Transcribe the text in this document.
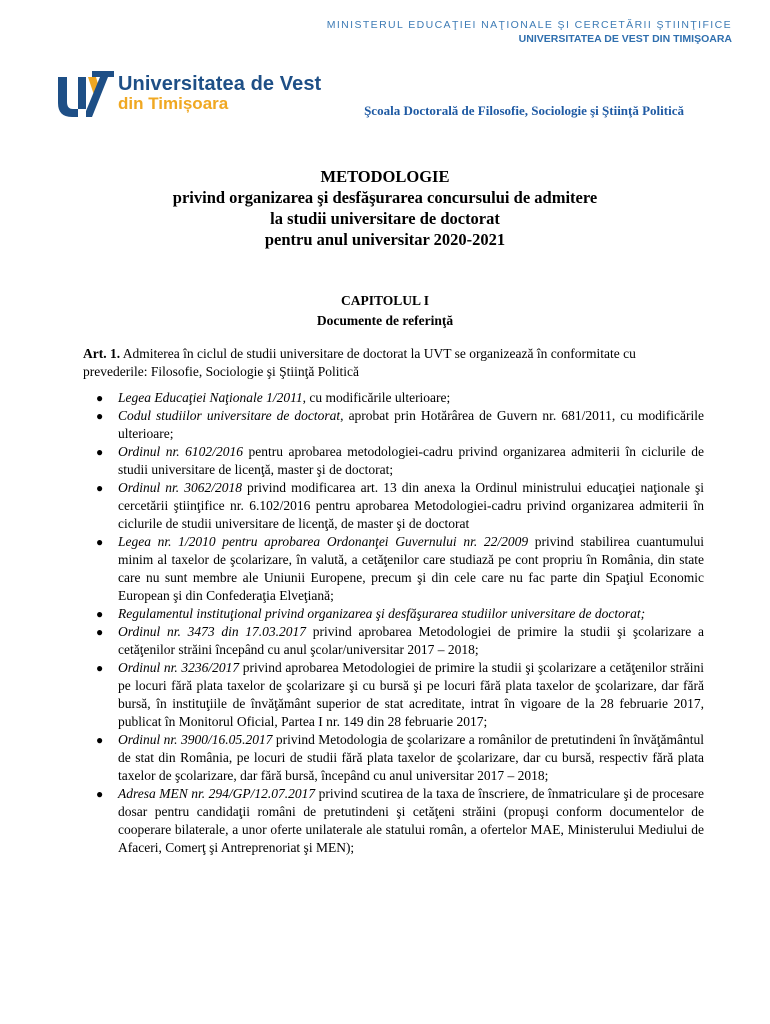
MINISTERUL EDUCAŢIEI NAŢIONALE ŞI CERCETĂRII ŞTIINŢIFICE
UNIVERSITATEA DE VEST DIN TIMIŞOARA
Universitatea de Vest
din Timișoara	Şcoala Doctorală de Filosofie, Sociologie şi Ştiinţă Politică
METODOLOGIE
privind organizarea şi desfăşurarea concursului de admitere
la studii universitare de doctorat
pentru anul universitar 2020-2021
CAPITOLUL I
Documente de referinţă
Art. 1. Admiterea în ciclul de studii universitare de doctorat la UVT se organizează în conformitate cu prevederile: Filosofie, Sociologie şi Ştiinţă Politică
● Legea Educaţiei Naţionale 1/2011, cu modificările ulterioare;
● Codul studiilor universitare de doctorat, aprobat prin Hotărârea de Guvern nr. 681/2011, cu modificările ulterioare;
● Ordinul nr. 6102/2016 pentru aprobarea metodologiei-cadru privind organizarea admiterii în ciclurile de studii universitare de licenţă, master şi de doctorat;
● Ordinul nr. 3062/2018 privind modificarea art. 13 din anexa la Ordinul ministrului educaţiei naţionale şi cercetării ştiinţifice nr. 6.102/2016 pentru aprobarea Metodologiei-cadru privind organizarea admiterii în ciclurile de studii universitare de licenţă, de master şi de doctorat
● Legea nr. 1/2010 pentru aprobarea Ordonanţei Guvernului nr. 22/2009 privind stabilirea cuantumului minim al taxelor de şcolarizare, în valută, a cetăţenilor care studiază pe cont propriu în România, din state care nu sunt membre ale Uniunii Europene, precum şi din cele care nu fac parte din Spaţiul Economic European şi din Confederaţia Elveţiană;
● Regulamentul instituţional privind organizarea şi desfăşurarea studiilor universitare de doctorat;
● Ordinul nr. 3473 din 17.03.2017 privind aprobarea Metodologiei de primire la studii şi şcolarizare a cetăţenilor străini începând cu anul şcolar/universitar 2017 – 2018;
● Ordinul nr. 3236/2017 privind aprobarea Metodologiei de primire la studii şi şcolarizare a cetăţenilor străini pe locuri fără plata taxelor de şcolarizare şi cu bursă şi pe locuri fără plata taxelor de şcolarizare, dar fără bursă, în instituţiile de învăţământ superior de stat acreditate, intrat în vigoare de la 28 februarie 2017, publicat în Monitorul Oficial, Partea I nr. 149 din 28 februarie 2017;
● Ordinul nr. 3900/16.05.2017 privind Metodologia de şcolarizare a românilor de pretutindeni în învăţământul de stat din România, pe locuri de studii fără plata taxelor de şcolarizare, dar cu bursă, respectiv fără plata taxelor de şcolarizare, dar fără bursă, începând cu anul universitar 2017 – 2018;
● Adresa MEN nr. 294/GP/12.07.2017 privind scutirea de la taxa de înscriere, de înmatriculare şi de procesare dosar pentru candidaţii români de pretutindeni şi cetăţeni străini (propuşi conform documentelor de cooperare bilaterale, a unor oferte unilaterale ale statului român, a ofertelor MAE, Ministerului Mediului de Afaceri, Comerţ şi Antreprenoriat şi MEN);
